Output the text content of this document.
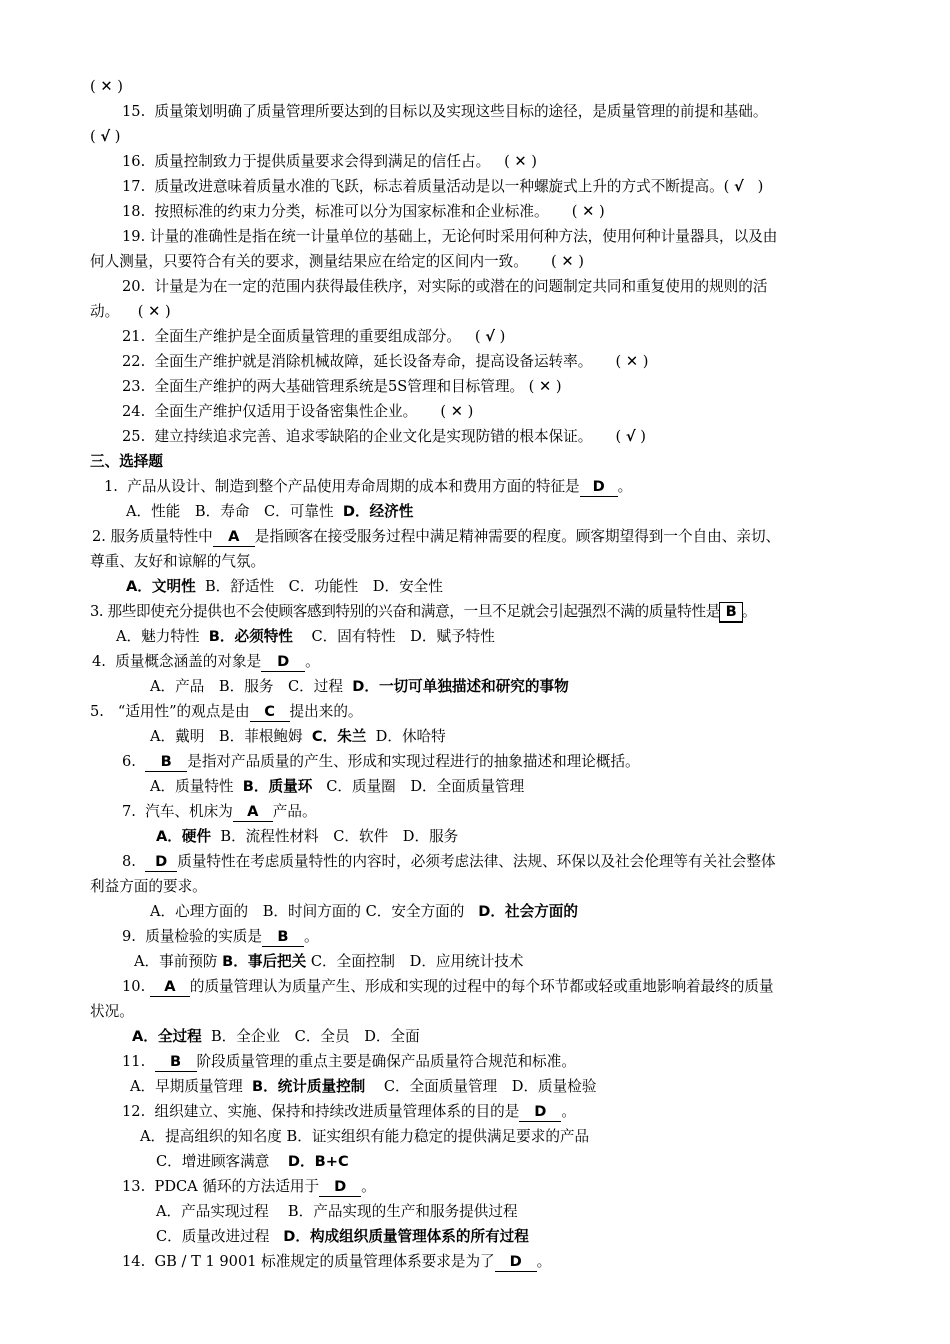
( ✕ )
15. 质量策划明确了质量管理所要达到的目标以及实现这些目标的途径，是质量管理的前提和基础。
( √ )
16. 质量控制致力于提供质量要求会得到满足的信任占。   ( ✕ )
17. 质量改进意味着质量水准的飞跃，标志着质量活动是以一种螺旋式上升的方式不断提高。( √   )
18. 按照标准的约束力分类，标准可以分为国家标准和企业标准。     ( ✕ )
19. 计量的准确性是指在统一计量单位的基础上，无论何时采用何种方法，使用何种计量器具，以及由
何人测量，只要符合有关的要求，测量结果应在给定的区间内一致。     ( ✕ )
20. 计量是为在一定的范围内获得最佳秩序，对实际的或潜在的问题制定共同和重复使用的规则的活
动。    ( ✕ )
21. 全面生产维护是全面质量管理的重要组成部分。   ( √ )
22. 全面生产维护就是消除机械故障，延长设备寿命，提高设备运转率。     ( ✕ )
23. 全面生产维护的两大基础管理系统是5S管理和目标管理。 ( ✕ )
24. 全面生产维护仅适用于设备密集性企业。     ( ✕ )
25. 建立持续追求完善、追求零缺陷的企业文化是实现防错的根本保证。     ( √ )
三、选择题
1. 产品从设计、制造到整个产品使用寿命周期的成本和费用方面的特征是 D 。
A．性能　B．寿命　C．可靠性 D．经济性
2. 服务质量特性中 A 是指顾客在接受服务过程中满足精神需要的程度。顾客期望得到一个自由、亲切、
尊重、友好和谅解的气氛。
A．文明性 B．舒适性　C．功能性　D．安全性
3. 那些即使充分提供也不会使顾客感到特别的兴奋和满意，一旦不足就会引起强烈不满的质量特性是 B 。
A．魅力特性 B．必须特性 C．固有特性　D．赋予特性
4. 质量概念涵盖的对象是 D 。
A．产品　B．服务　C．过程 D．一切可单独描述和研究的事物
5. “适用性”的观点是由 C 提出来的。
A．戴明　B．菲根鲍姆 C．朱兰 D．休哈特
6. B 是指对产品质量的产生、形成和实现过程进行的抽象描述和理论概括。
A．质量特性 B．质量环 C．质量圈　D．全面质量管理
7. 汽车、机床为 A 产品。
A．硬件 B．流程性材料　C．软件　D．服务
8. D 质量特性在考虑质量特性的内容时，必须考虑法律、法规、环保以及社会伦理等有关社会整体
利益方面的要求。
A．心理方面的　B．时间方面的 C．安全方面的 D．社会方面的
9. 质量检验的实质是 B 。
A．事前预防 B．事后把关 C．全面控制　D．应用统计技术
10. A 的质量管理认为质量产生、形成和实现的过程中的每个环节都或轻或重地影响着最终的质量
状况。
A．全过程 B．全企业　C．全员　D．全面
11. B 阶段质量管理的重点主要是确保产品质量符合规范和标准。
A．早期质量管理 B．统计质量控制 C．全面质量管理　D．质量检验
12. 组织建立、实施、保持和持续改进质量管理体系的目的是 D 。
A．提高组织的知名度 B．证实组织有能力稳定的提供满足要求的产品
C．增进顾客满意 D．B+C
13. PDCA 循环的方法适用于 D 。
A．产品实现过程　 B．产品实现的生产和服务提供过程
C．质量改进过程 D．构成组织质量管理体系的所有过程
14. GB / T 1 9001 标准规定的质量管理体系要求是为了 D 。
